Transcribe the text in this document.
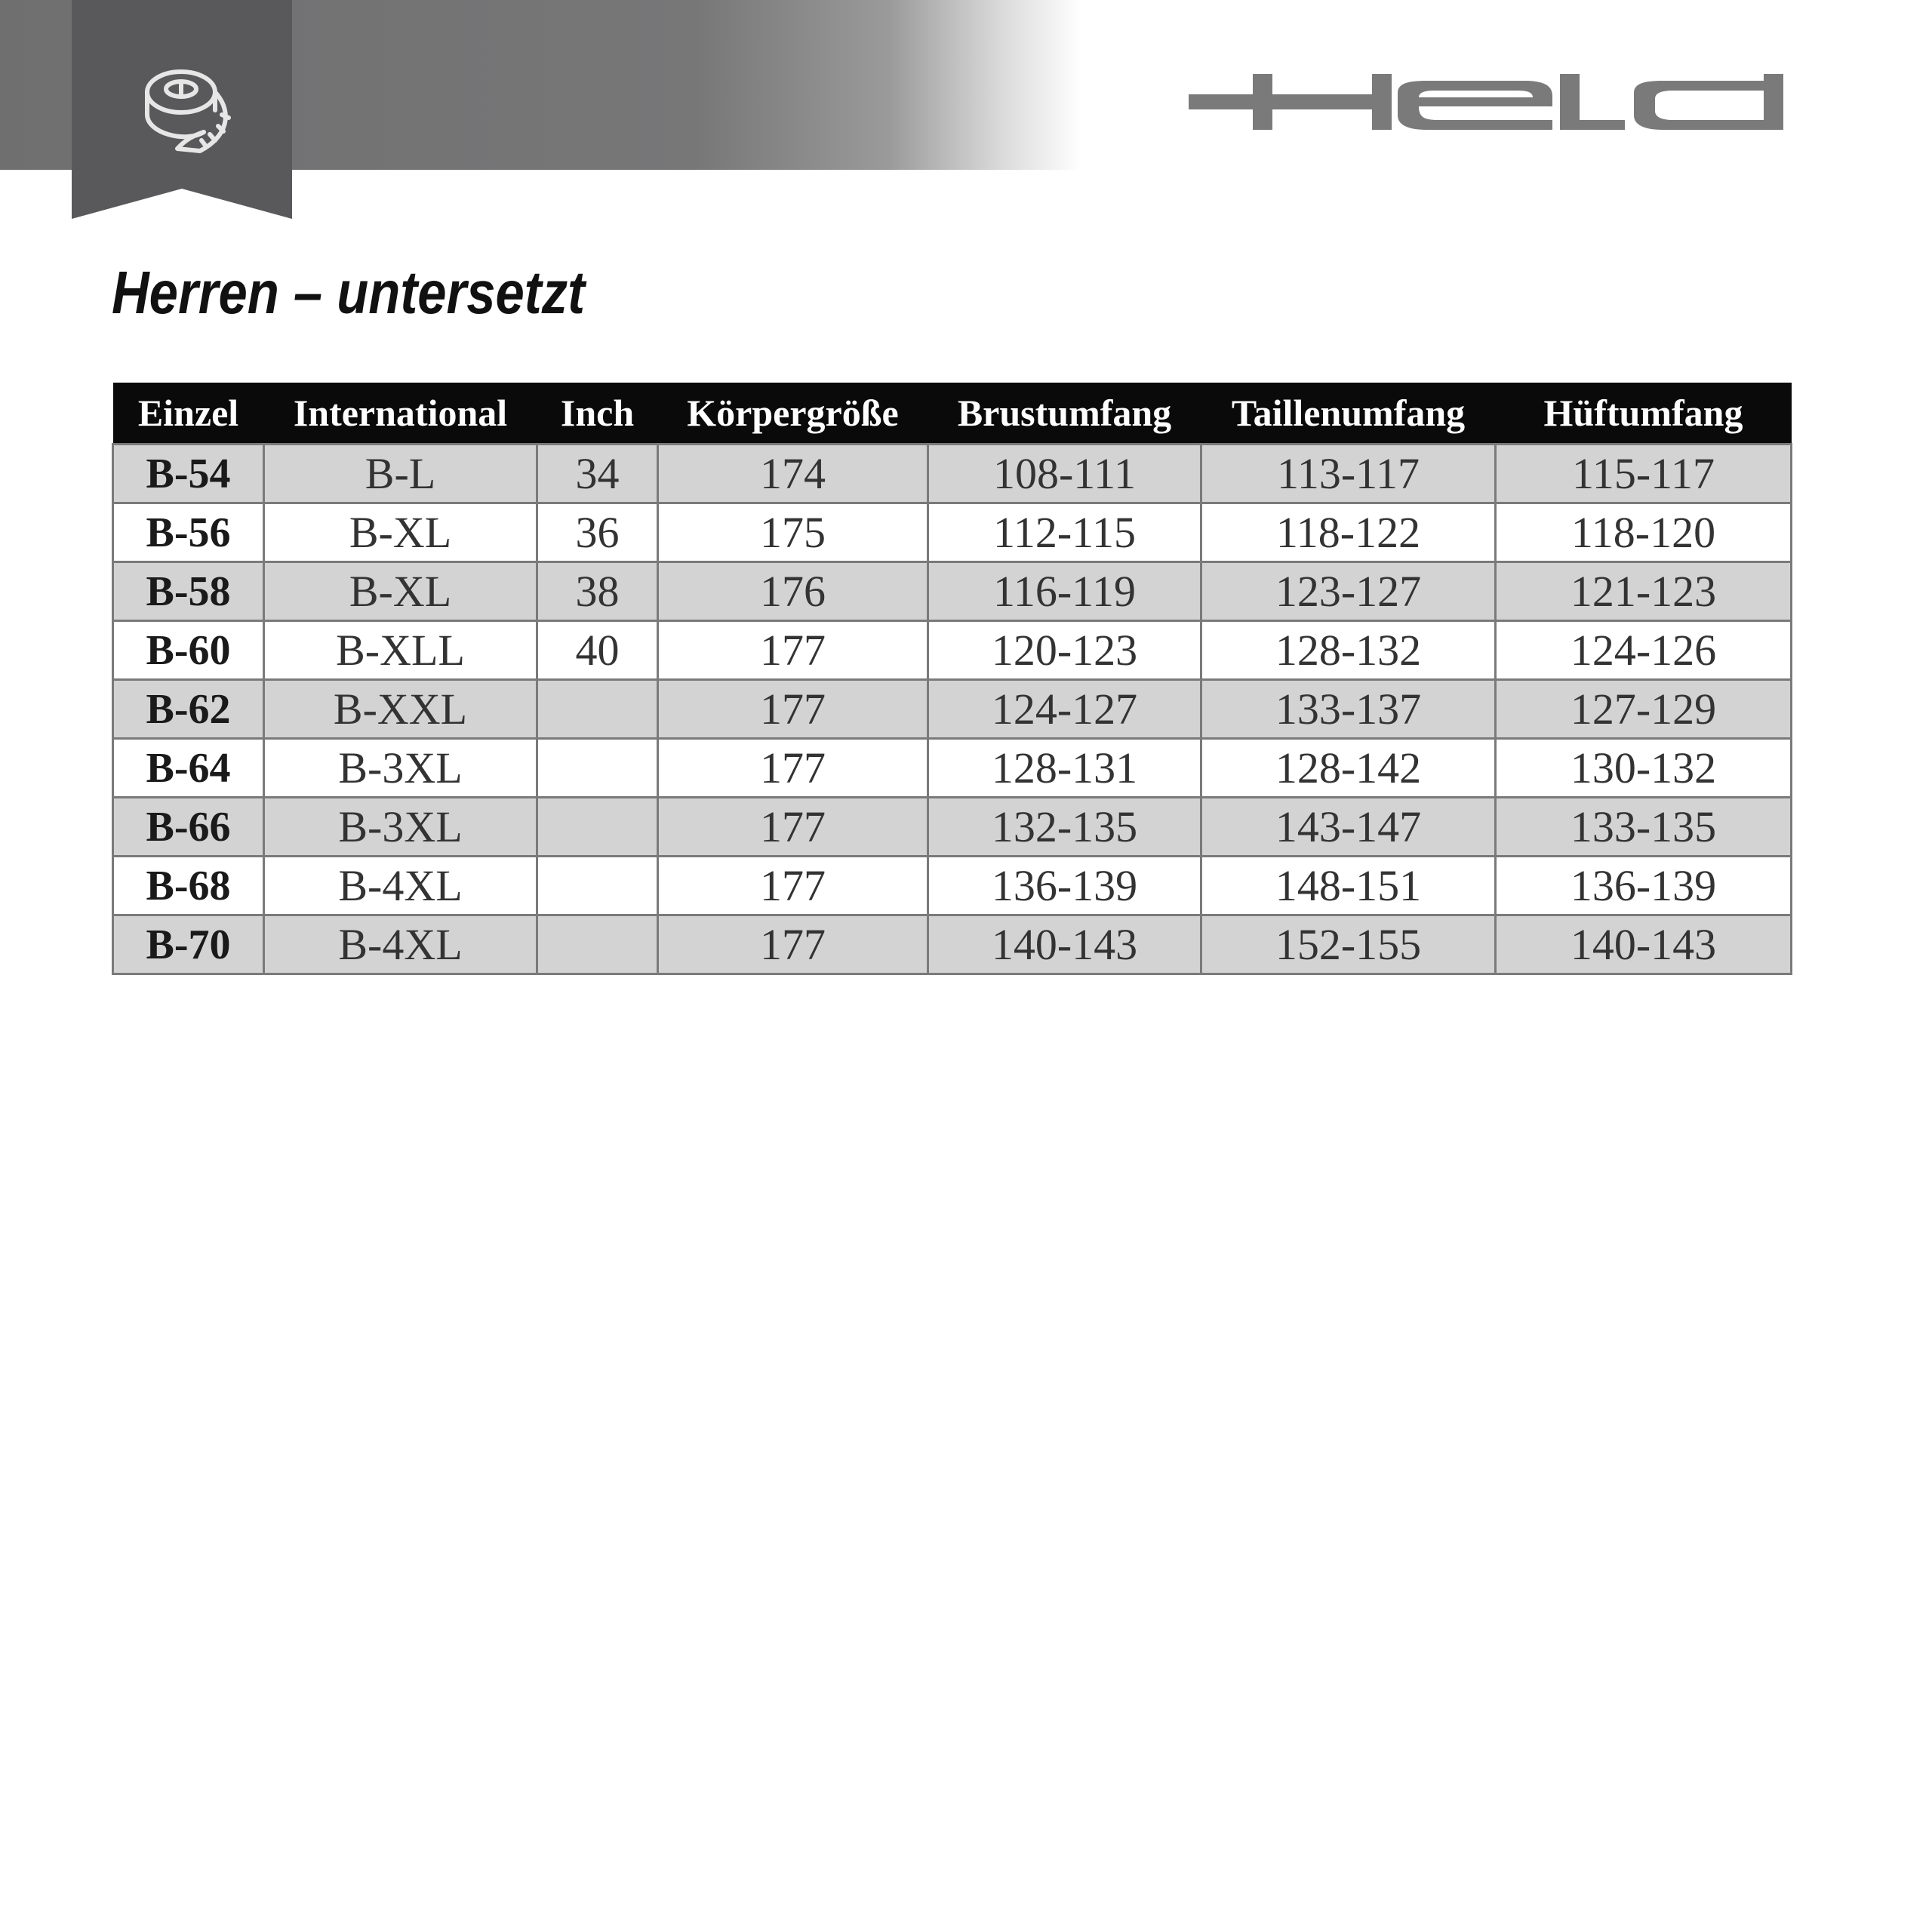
Herren – untersetzt
Einzel	International	Inch	Körpergröße	Brustumfang	Taillenumfang	Hüftumfang
B-54	B-L	34	174	108-111	113-117	115-117
B-56	B-XL	36	175	112-115	118-122	118-120
B-58	B-XL	38	176	116-119	123-127	121-123
B-60	B-XLL	40	177	120-123	128-132	124-126
B-62	B-XXL		177	124-127	133-137	127-129
B-64	B-3XL		177	128-131	128-142	130-132
B-66	B-3XL		177	132-135	143-147	133-135
B-68	B-4XL		177	136-139	148-151	136-139
B-70	B-4XL		177	140-143	152-155	140-143
